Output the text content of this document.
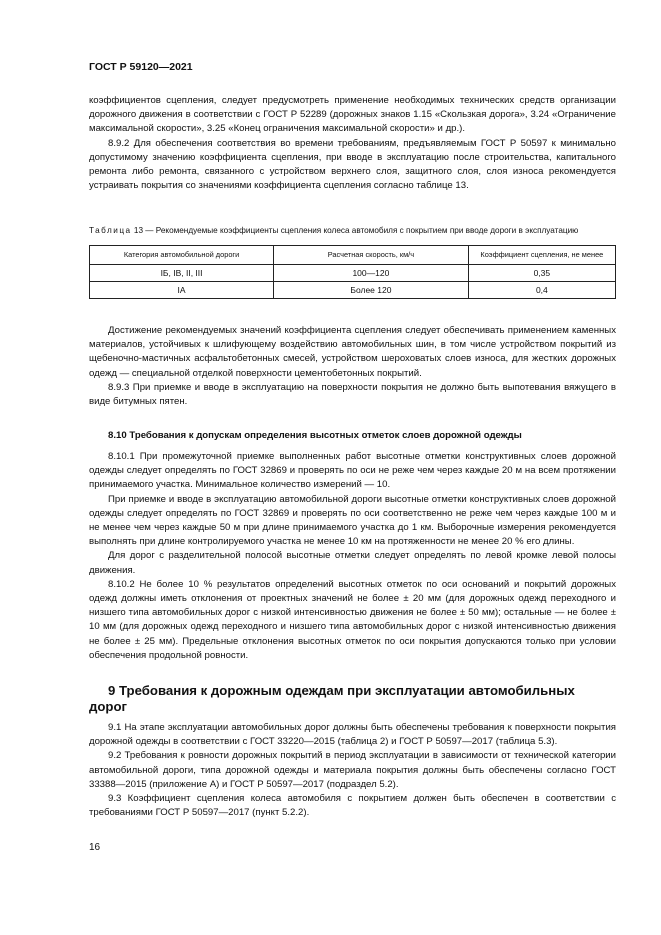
ГОСТ Р 59120—2021

коэффициентов сцепления, следует предусмотреть применение необходимых технических средств организации дорожного движения в соответствии с ГОСТ Р 52289 (дорожных знаков 1.15 «Скользкая дорога», 3.24 «Ограничение максимальной скорости», 3.25 «Конец ограничения максимальной скорости» и др.).

8.9.2 Для обеспечения соответствия во времени требованиям, предъявляемым ГОСТ Р 50597 к минимально допустимому значению коэффициента сцепления, при вводе в эксплуатацию после строительства, капитального ремонта либо ремонта, связанного с устройством верхнего слоя, защитного слоя, слоя износа рекомендуется устраивать покрытия со значениями коэффициента сцепления согласно таблице 13.

Таблица 13 — Рекомендуемые коэффициенты сцепления колеса автомобиля с покрытием при вводе дороги в эксплуатацию

Категория автомобильной дороги	Расчетная скорость, км/ч	Коэффициент сцепления, не менее
IБ, IВ, II, III	100—120	0,35
IA	Более 120	0,4

Достижение рекомендуемых значений коэффициента сцепления следует обеспечивать применением каменных материалов, устойчивых к шлифующему воздействию автомобильных шин, в том числе устройством покрытий из щебеночно-мастичных асфальтобетонных смесей, устройством шероховатых слоев износа, для жестких дорожных одежд — специальной отделкой поверхности цементобетонных покрытий.

8.9.3 При приемке и вводе в эксплуатацию на поверхности покрытия не должно быть выпотевания вяжущего в виде битумных пятен.

8.10 Требования к допускам определения высотных отметок слоев дорожной одежды

8.10.1 При промежуточной приемке выполненных работ высотные отметки конструктивных слоев дорожной одежды следует определять по ГОСТ 32869 и проверять по оси не реже чем через каждые 20 м на всем протяжении принимаемого участка. Минимальное количество измерений — 10.

При приемке и вводе в эксплуатацию автомобильной дороги высотные отметки конструктивных слоев дорожной одежды следует определять по ГОСТ 32869 и проверять по оси соответственно не реже чем через каждые 100 м и не менее чем через каждые 50 м при длине принимаемого участка до 1 км. Выборочные измерения рекомендуется выполнять при длине контролируемого участка не менее 10 км на протяженности не менее 20 % его длины.

Для дорог с разделительной полосой высотные отметки следует определять по левой кромке левой полосы движения.

8.10.2 Не более 10 % результатов определений высотных отметок по оси оснований и покрытий дорожных одежд должны иметь отклонения от проектных значений не более ± 20 мм (для дорожных одежд переходного и низшего типа автомобильных дорог с низкой интенсивностью движения не более ± 50 мм); остальные — не более ± 10 мм (для дорожных одежд переходного и низшего типа автомобильных дорог с низкой интенсивностью движения не более ± 25 мм). Предельные отклонения высотных отметок по оси покрытия допускаются только при условии обеспечения продольной ровности.

9 Требования к дорожным одеждам при эксплуатации автомобильных дорог

9.1 На этапе эксплуатации автомобильных дорог должны быть обеспечены требования к поверхности покрытия дорожной одежды в соответствии с ГОСТ 33220—2015 (таблица 2) и ГОСТ Р 50597—2017 (таблица 5.3).

9.2 Требования к ровности дорожных покрытий в период эксплуатации в зависимости от технической категории автомобильной дороги, типа дорожной одежды и материала покрытия должны быть обеспечены согласно ГОСТ 33388—2015 (приложение А) и ГОСТ Р 50597—2017 (подраздел 5.2).

9.3 Коэффициент сцепления колеса автомобиля с покрытием должен быть обеспечен в соответствии с требованиями ГОСТ Р 50597—2017 (пункт 5.2.2).

16
